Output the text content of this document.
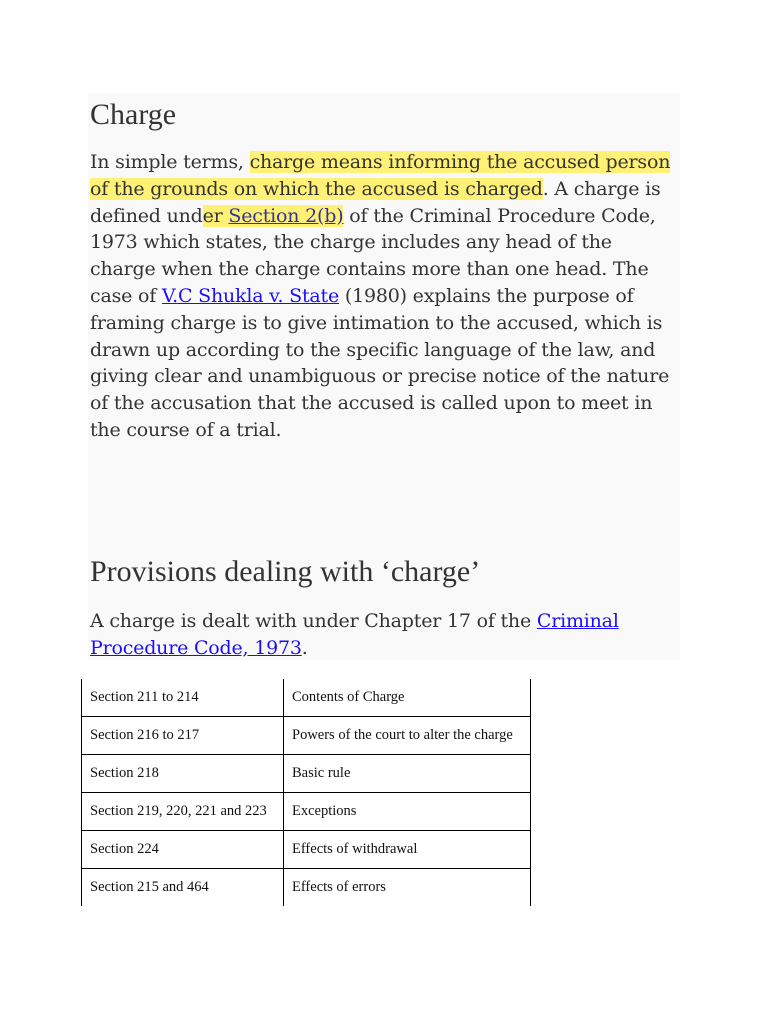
Charge

In simple terms, charge means informing the accused person of the grounds on which the accused is charged. A charge is defined under Section 2(b) of the Criminal Procedure Code, 1973 which states, the charge includes any head of the charge when the charge contains more than one head. The case of V.C Shukla v. State (1980) explains the purpose of framing charge is to give intimation to the accused, which is drawn up according to the specific language of the law, and giving clear and unambiguous or precise notice of the nature of the accusation that the accused is called upon to meet in the course of a trial.

Provisions dealing with ‘charge’

A charge is dealt with under Chapter 17 of the Criminal Procedure Code, 1973.

Section 211 to 214	Contents of Charge
Section 216 to 217	Powers of the court to alter the charge
Section 218	Basic rule
Section 219, 220, 221 and 223	Exceptions
Section 224	Effects of withdrawal
Section 215 and 464	Effects of errors
